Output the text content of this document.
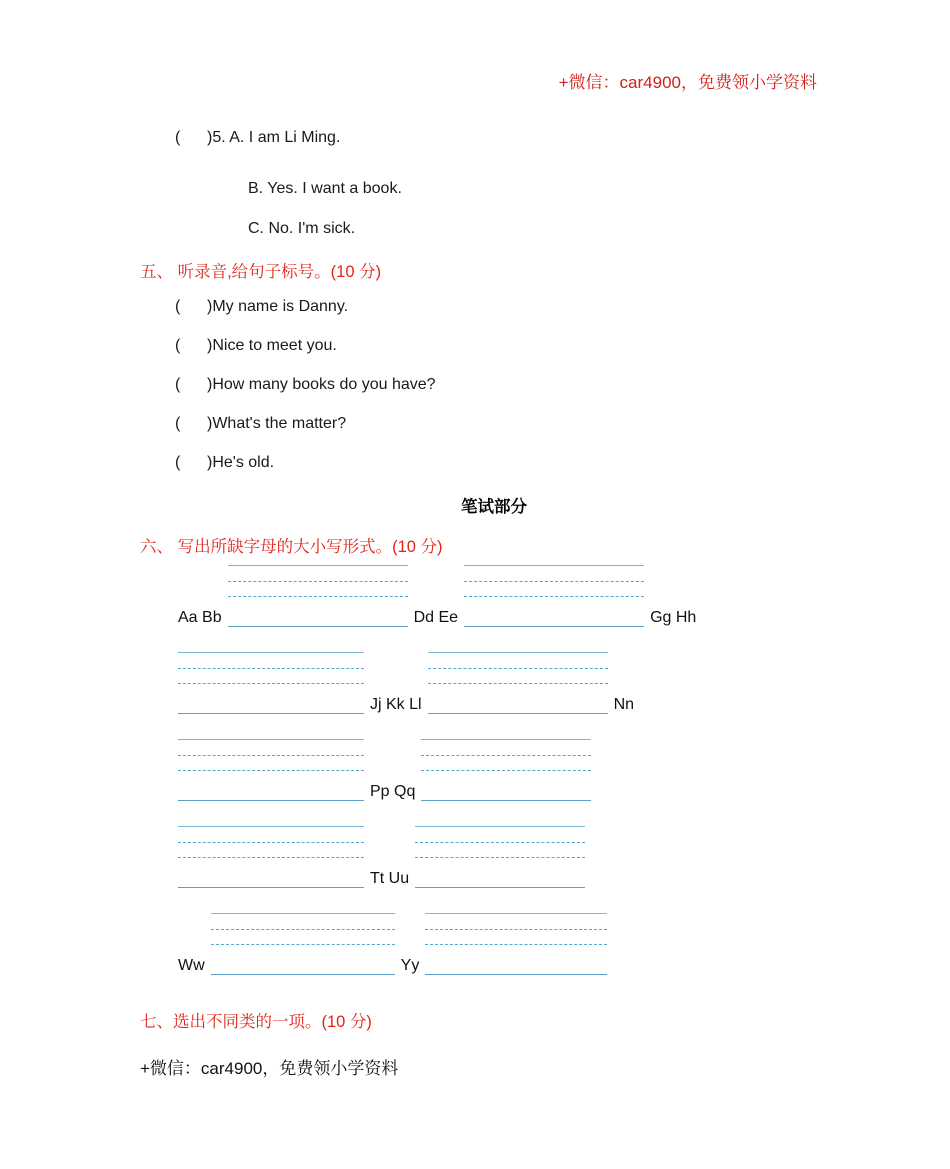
+微信：car4900，免费领小学资料
(      )5. A. I am Li Ming.
B. Yes. I want a book.
C. No. I'm sick.
五、 听录音,给句子标号。(10 分)
(      )My name is Danny.
(      )Nice to meet you.
(      )How many books do you have?
(      )What's the matter?
(      )He's old.
笔试部分
六、 写出所缺字母的大小写形式。(10 分)
Aa Bb	Dd Ee	Gg Hh
Jj Kk Ll	Nn
Pp Qq
Tt Uu
Ww	Yy
七、选出不同类的一项。(10 分)
+微信：car4900，免费领小学资料
